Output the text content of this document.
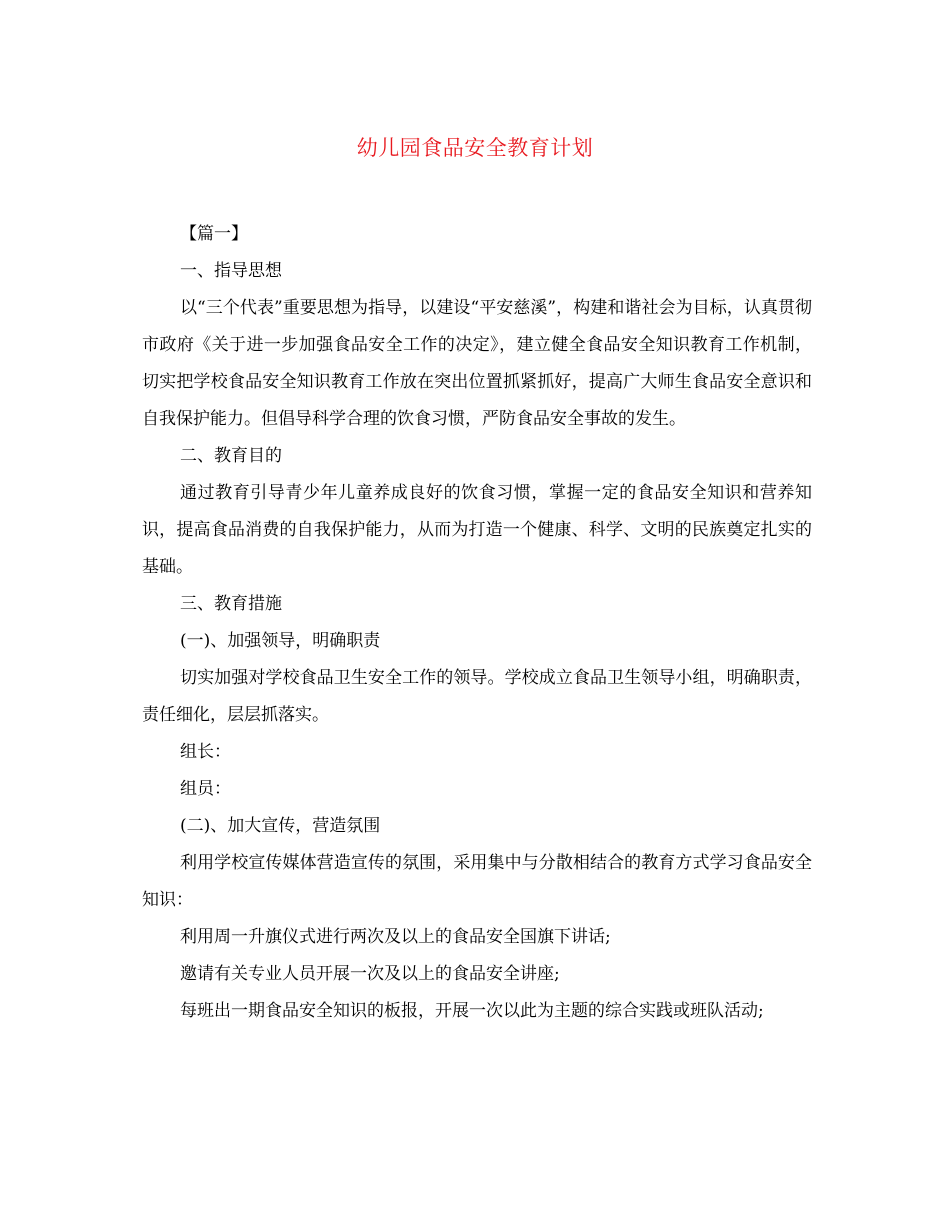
幼儿园食品安全教育计划

【篇一】

一、指导思想

以“三个代表”重要思想为指导，以建设“平安慈溪”，构建和谐社会为目标，认真贯彻市政府《关于进一步加强食品安全工作的决定》，建立健全食品安全知识教育工作机制，切实把学校食品安全知识教育工作放在突出位置抓紧抓好，提高广大师生食品安全意识和自我保护能力。但倡导科学合理的饮食习惯，严防食品安全事故的发生。

二、教育目的

通过教育引导青少年儿童养成良好的饮食习惯，掌握一定的食品安全知识和营养知识，提高食品消费的自我保护能力，从而为打造一个健康、科学、文明的民族奠定扎实的基础。

三、教育措施

(一)、加强领导，明确职责

切实加强对学校食品卫生安全工作的领导。学校成立食品卫生领导小组，明确职责，责任细化，层层抓落实。

组长：

组员：

(二)、加大宣传，营造氛围

利用学校宣传媒体营造宣传的氛围，采用集中与分散相结合的教育方式学习食品安全知识：

利用周一升旗仪式进行两次及以上的食品安全国旗下讲话;

邀请有关专业人员开展一次及以上的食品安全讲座;

每班出一期食品安全知识的板报，开展一次以此为主题的综合实践或班队活动;
